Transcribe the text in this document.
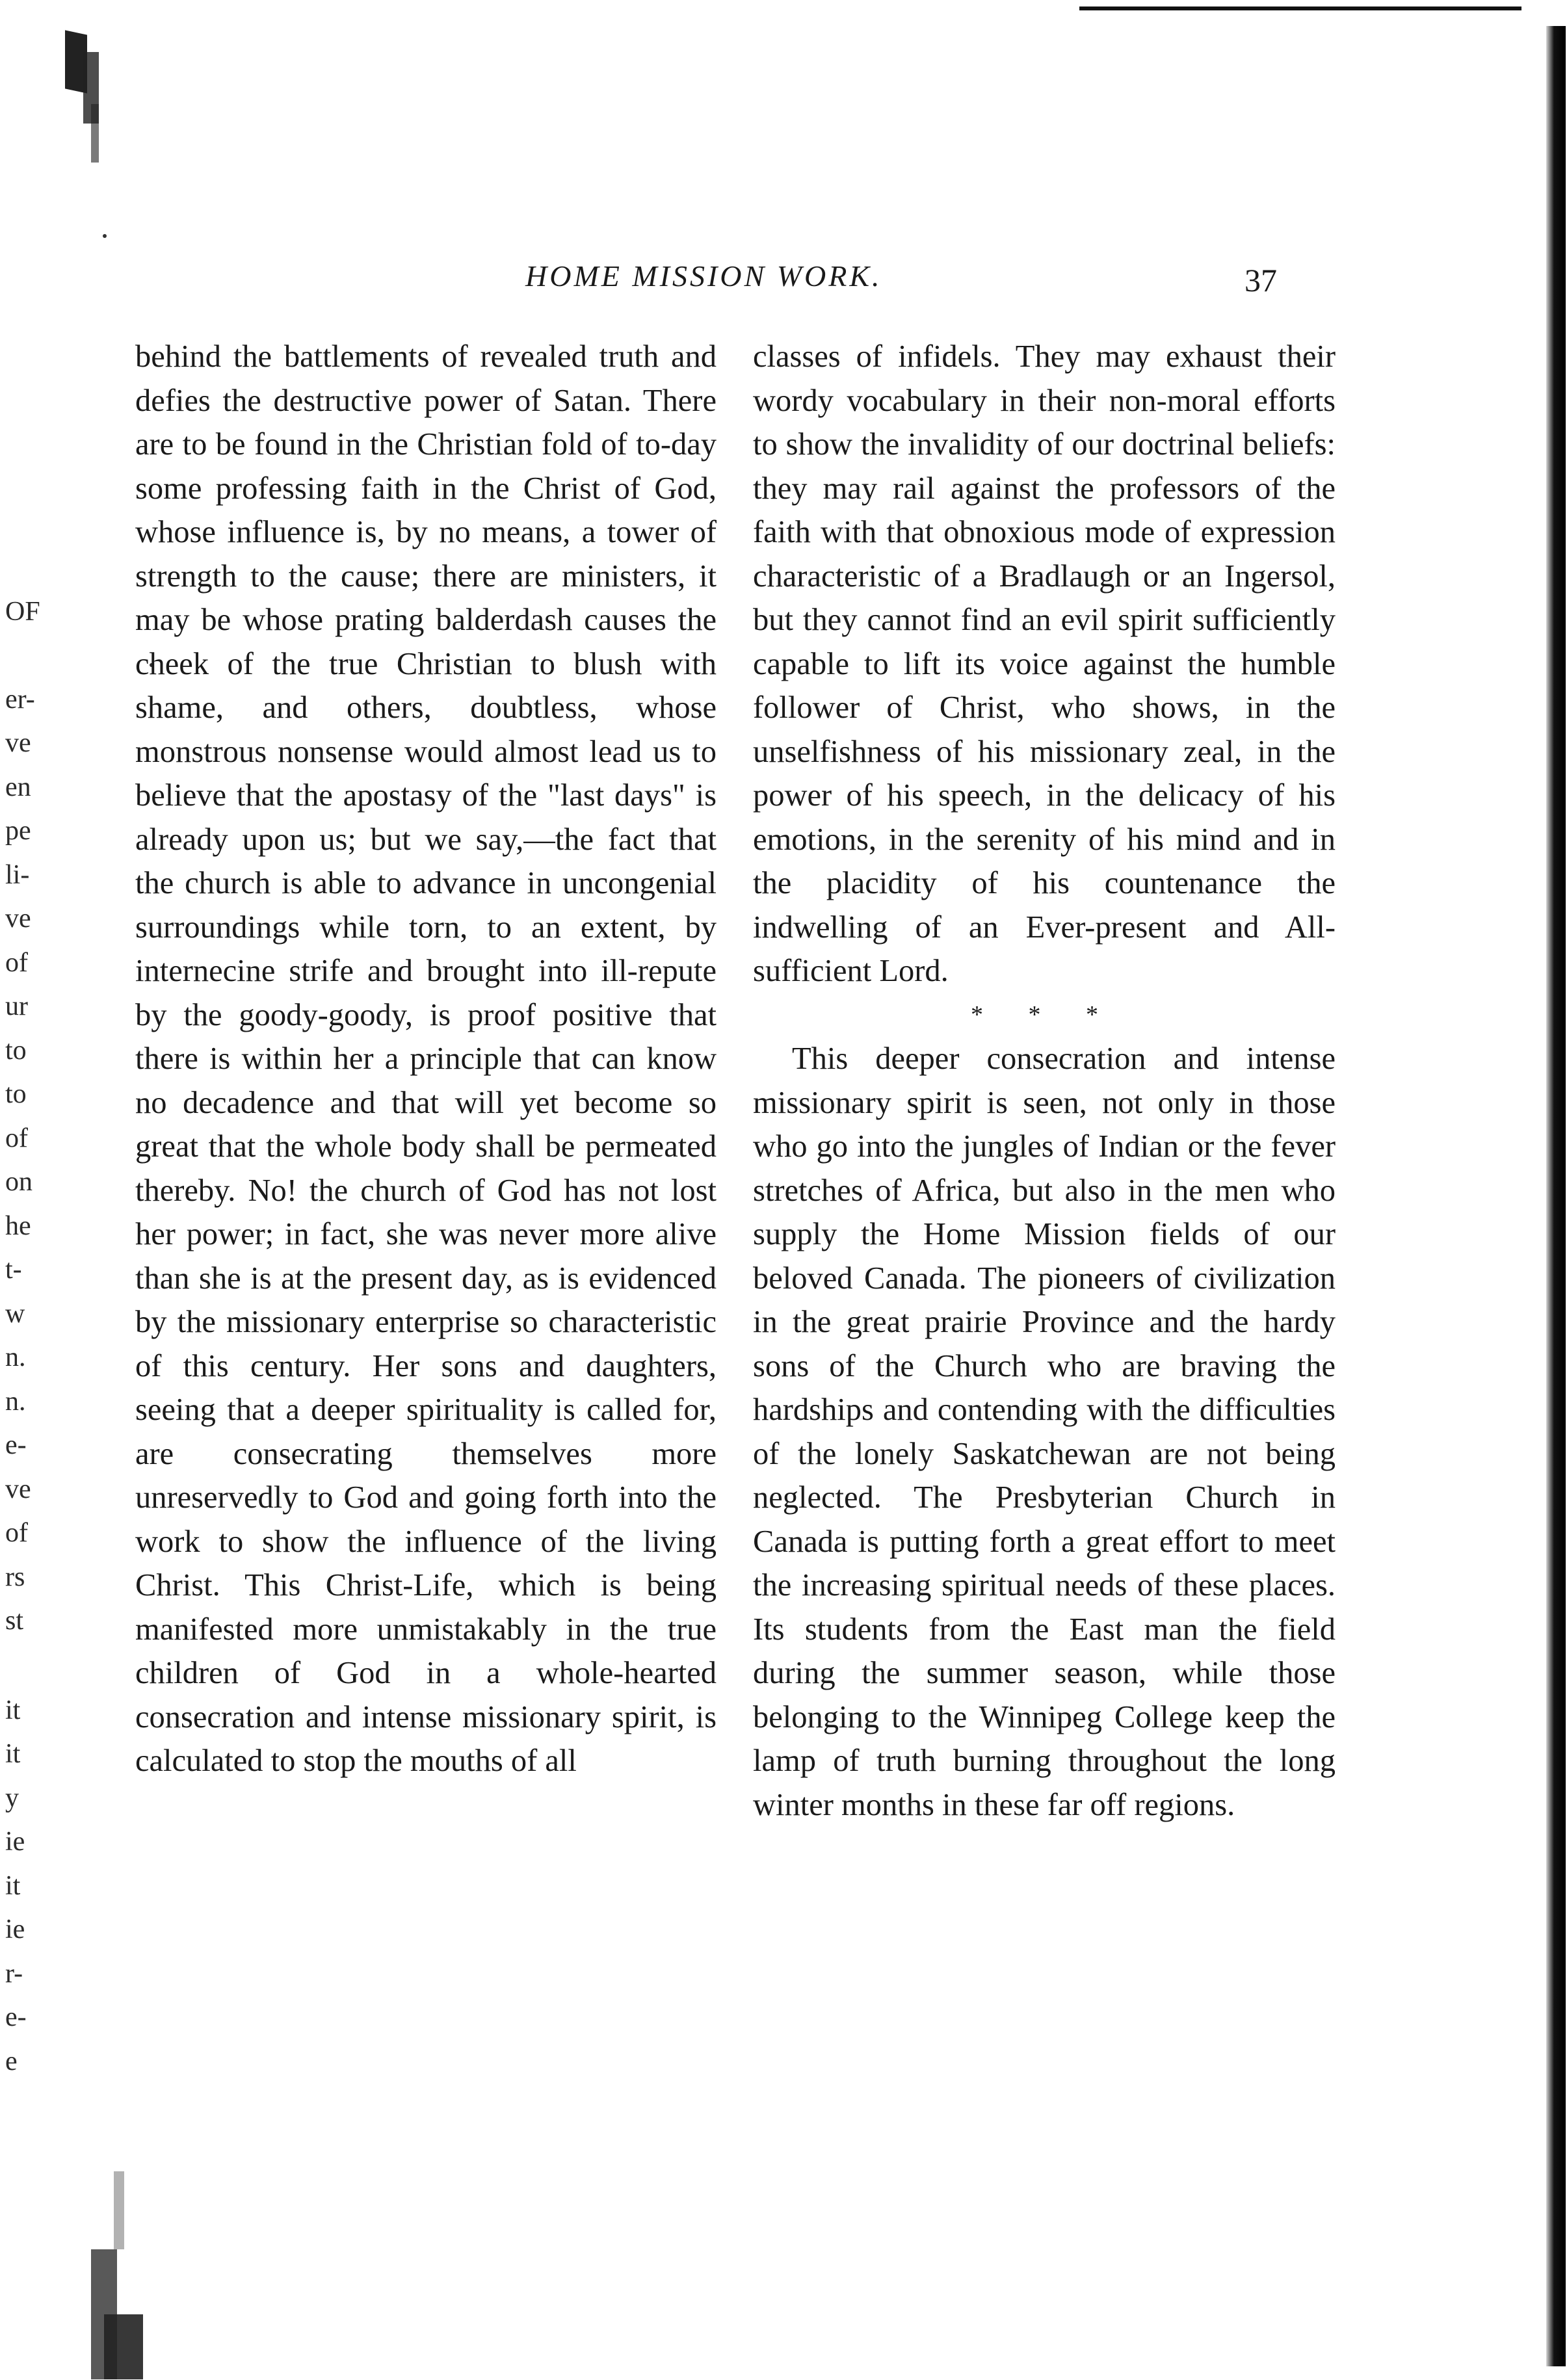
HOME MISSION WORK.	37
OF
er-
ve
en
pe
li-
ve
of
ur
to
to
of
on
he
t-
w
n.
n.
e-
ve
of
rs
st
it
it
y
ie
it
ie
r-
e-
e

behind the battlements of revealed truth and defies the destructive power of Satan. There are to be found in the Christian fold of to-day some professing faith in the Christ of God, whose influence is, by no means, a tower of strength to the cause; there are ministers, it may be whose prating balderdash causes the cheek of the true Christian to blush with shame, and others, doubtless, whose monstrous nonsense would almost lead us to believe that the apostasy of the "last days" is already upon us; but we say,—the fact that the church is able to advance in uncongenial surroundings while torn, to an extent, by internecine strife and brought into ill-repute by the goody-goody, is proof positive that there is within her a principle that can know no decadence and that will yet become so great that the whole body shall be permeated thereby. No! the church of God has not lost her power; in fact, she was never more alive than she is at the present day, as is evidenced by the missionary enterprise so characteristic of this century. Her sons and daughters, seeing that a deeper spirituality is called for, are consecrating themselves more unreservedly to God and going forth into the work to show the influence of the living Christ. This Christ-Life, which is being manifested more unmistakably in the true children of God in a whole-hearted consecration and intense missionary spirit, is calculated to stop the mouths of all

classes of infidels. They may exhaust their wordy vocabulary in their non-moral efforts to show the invalidity of our doctrinal beliefs: they may rail against the professors of the faith with that obnoxious mode of expression characteristic of a Bradlaugh or an Ingersol, but they cannot find an evil spirit sufficiently capable to lift its voice against the humble follower of Christ, who shows, in the unselfishness of his missionary zeal, in the power of his speech, in the delicacy of his emotions, in the serenity of his mind and in the placidity of his countenance the indwelling of an Ever-present and All-sufficient Lord.

* * *

This deeper consecration and intense missionary spirit is seen, not only in those who go into the jungles of Indian or the fever stretches of Africa, but also in the men who supply the Home Mission fields of our beloved Canada. The pioneers of civilization in the great prairie Province and the hardy sons of the Church who are braving the hardships and contending with the difficulties of the lonely Saskatchewan are not being neglected. The Presbyterian Church in Canada is putting forth a great effort to meet the increasing spiritual needs of these places. Its students from the East man the field during the summer season, while those belonging to the Winnipeg College keep the lamp of truth burning throughout the long winter months in these far off regions.
